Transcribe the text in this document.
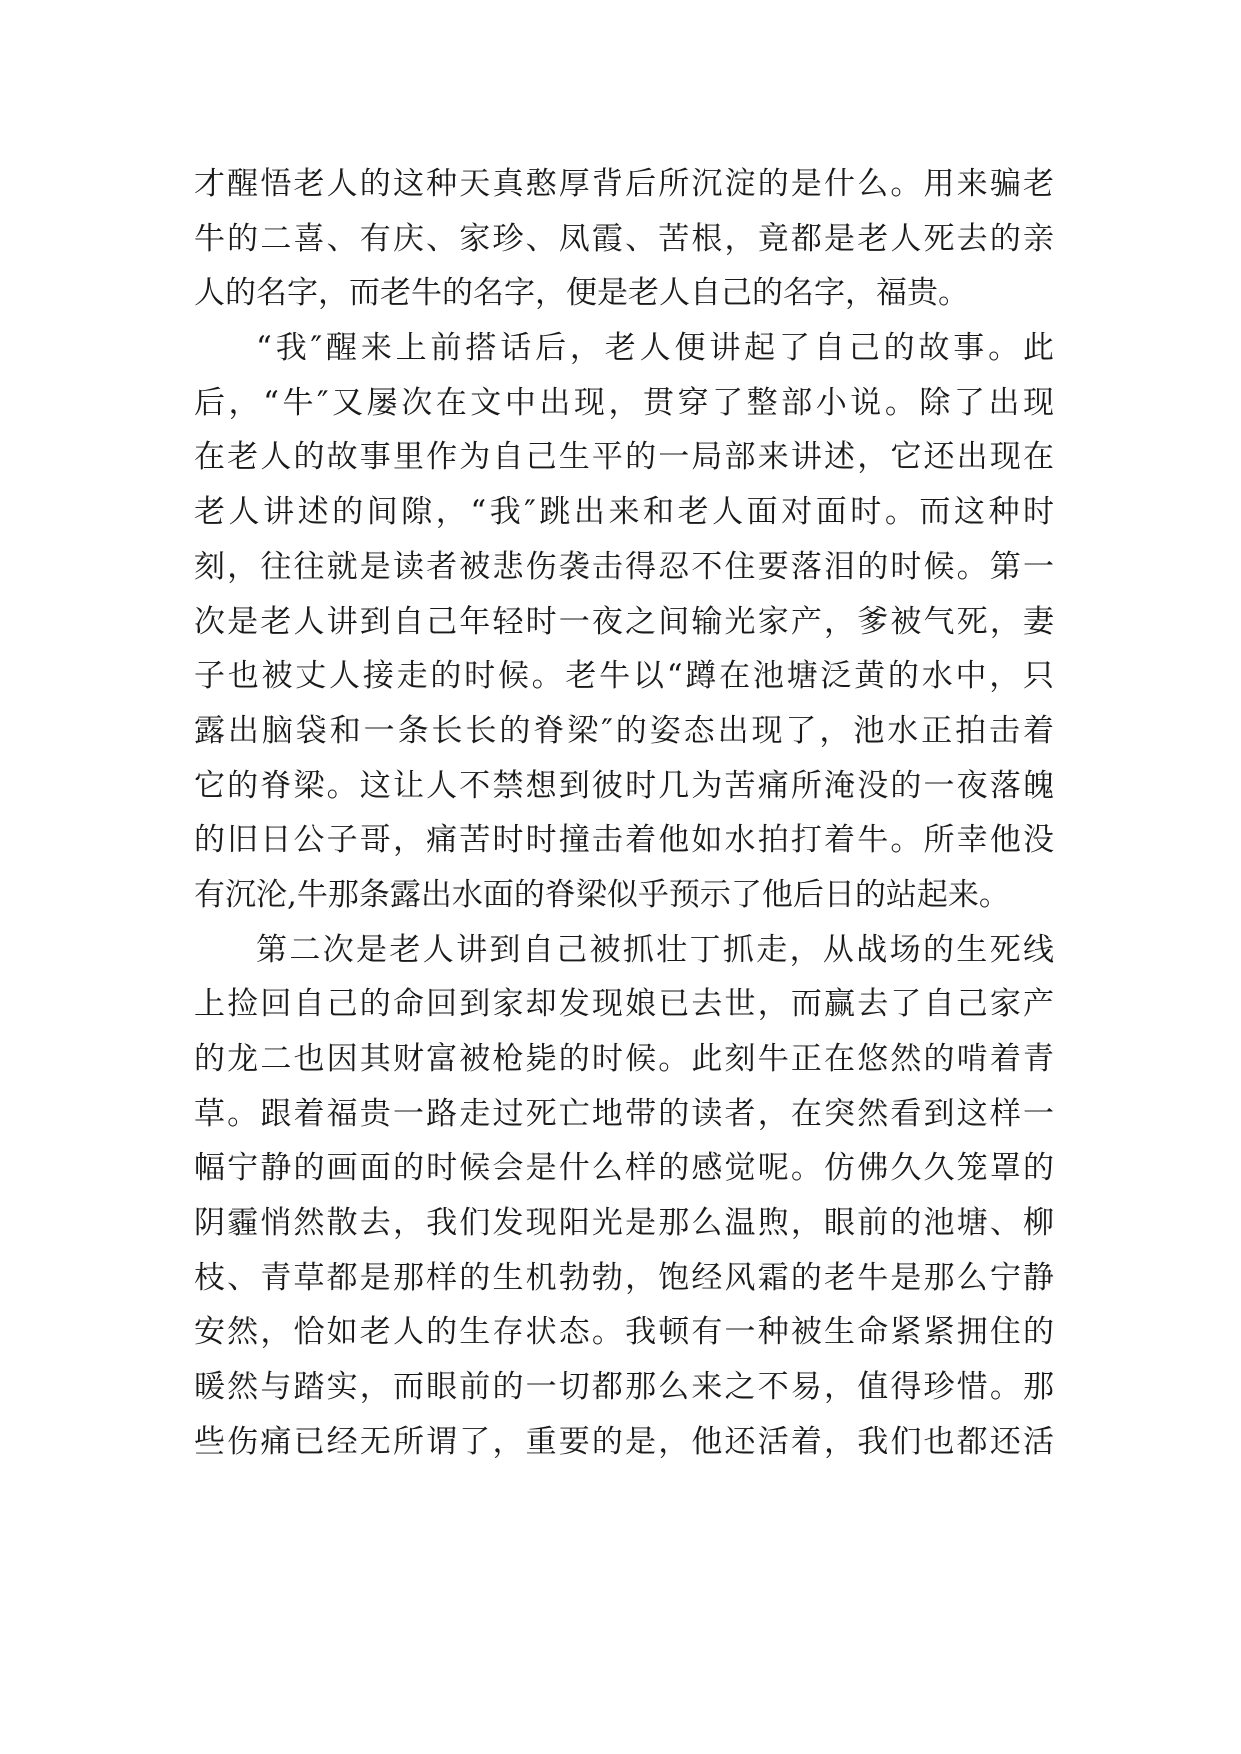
才醒悟老人的这种天真憨厚背后所沉淀的是什么。用来骗老
牛的二喜、有庆、家珍、凤霞、苦根，竟都是老人死去的亲
人的名字，而老牛的名字，便是老人自己的名字，福贵。
“我″醒来上前搭话后，老人便讲起了自己的故事。此
后，“牛″又屡次在文中出现，贯穿了整部小说。除了出现
在老人的故事里作为自己生平的一局部来讲述，它还出现在
老人讲述的间隙，“我″跳出来和老人面对面时。而这种时
刻，往往就是读者被悲伤袭击得忍不住要落泪的时候。第一
次是老人讲到自己年轻时一夜之间输光家产，爹被气死，妻
子也被丈人接走的时候。老牛以“蹲在池塘泛黄的水中，只
露出脑袋和一条长长的脊梁″的姿态出现了，池水正拍击着
它的脊梁。这让人不禁想到彼时几为苦痛所淹没的一夜落魄
的旧日公子哥，痛苦时时撞击着他如水拍打着牛。所幸他没
有沉沦,牛那条露出水面的脊梁似乎预示了他后日的站起来。
第二次是老人讲到自己被抓壮丁抓走，从战场的生死线
上捡回自己的命回到家却发现娘已去世，而赢去了自己家产
的龙二也因其财富被枪毙的时候。此刻牛正在悠然的啃着青
草。跟着福贵一路走过死亡地带的读者，在突然看到这样一
幅宁静的画面的时候会是什么样的感觉呢。仿佛久久笼罩的
阴霾悄然散去，我们发现阳光是那么温煦，眼前的池塘、柳
枝、青草都是那样的生机勃勃，饱经风霜的老牛是那么宁静
安然，恰如老人的生存状态。我顿有一种被生命紧紧拥住的
暖然与踏实，而眼前的一切都那么来之不易，值得珍惜。那
些伤痛已经无所谓了，重要的是，他还活着，我们也都还活
